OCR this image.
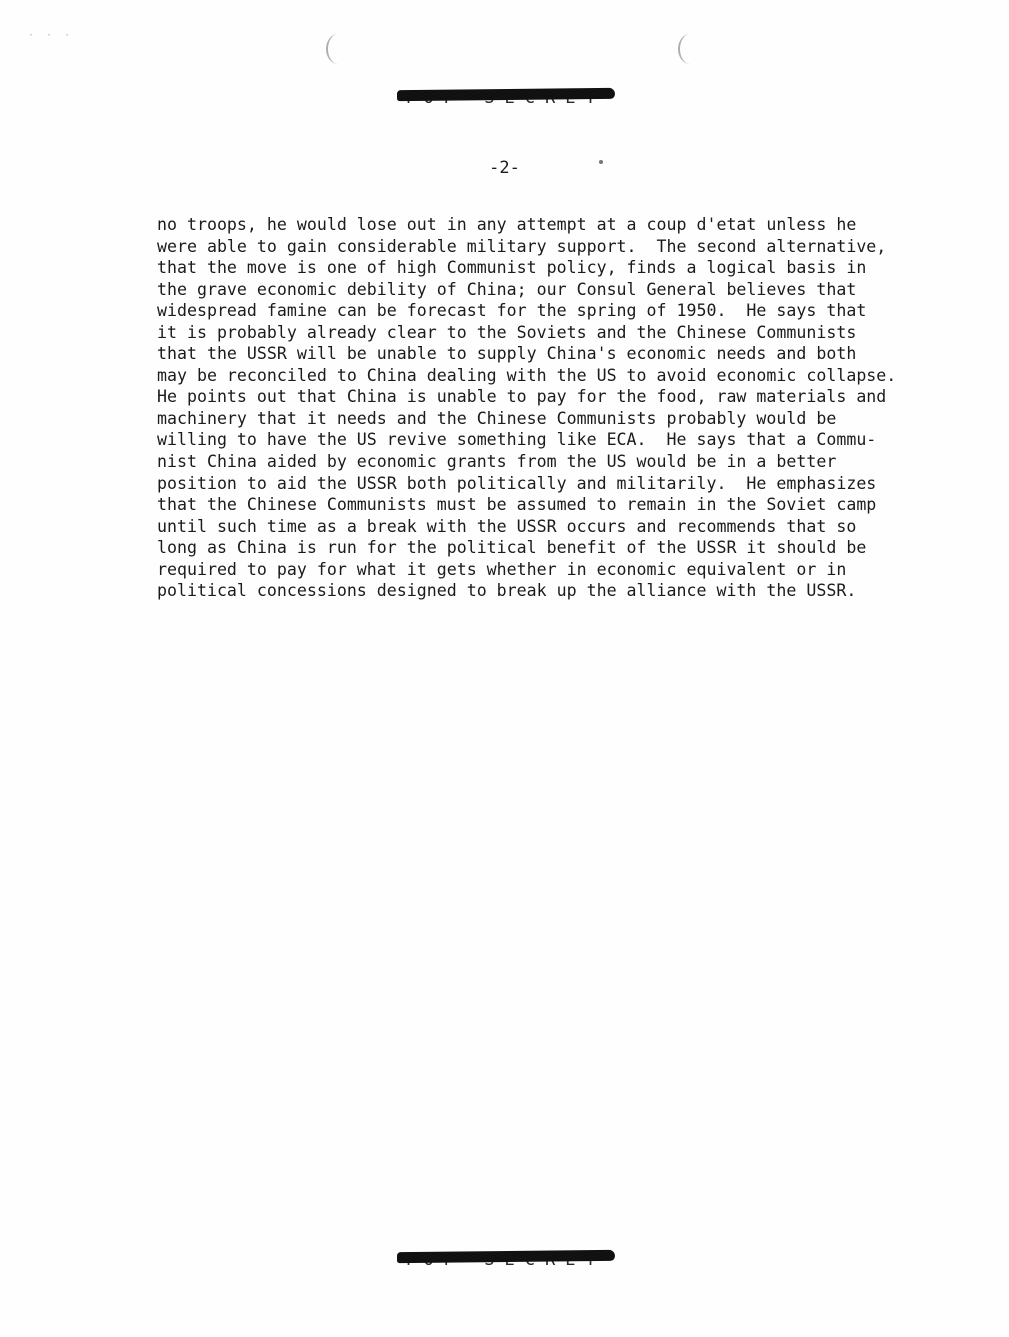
· · ·
-2-
no troops, he would lose out in any attempt at a coup d'etat unless he
were able to gain considerable military support.  The second alternative,
that the move is one of high Communist policy, finds a logical basis in
the grave economic debility of China; our Consul General believes that
widespread famine can be forecast for the spring of 1950.  He says that
it is probably already clear to the Soviets and the Chinese Communists
that the USSR will be unable to supply China's economic needs and both
may be reconciled to China dealing with the US to avoid economic collapse.
He points out that China is unable to pay for the food, raw materials and
machinery that it needs and the Chinese Communists probably would be
willing to have the US revive something like ECA.  He says that a Commu-
nist China aided by economic grants from the US would be in a better
position to aid the USSR both politically and militarily.  He emphasizes
that the Chinese Communists must be assumed to remain in the Soviet camp
until such time as a break with the USSR occurs and recommends that so
long as China is run for the political benefit of the USSR it should be
required to pay for what it gets whether in economic equivalent or in
political concessions designed to break up the alliance with the USSR.
